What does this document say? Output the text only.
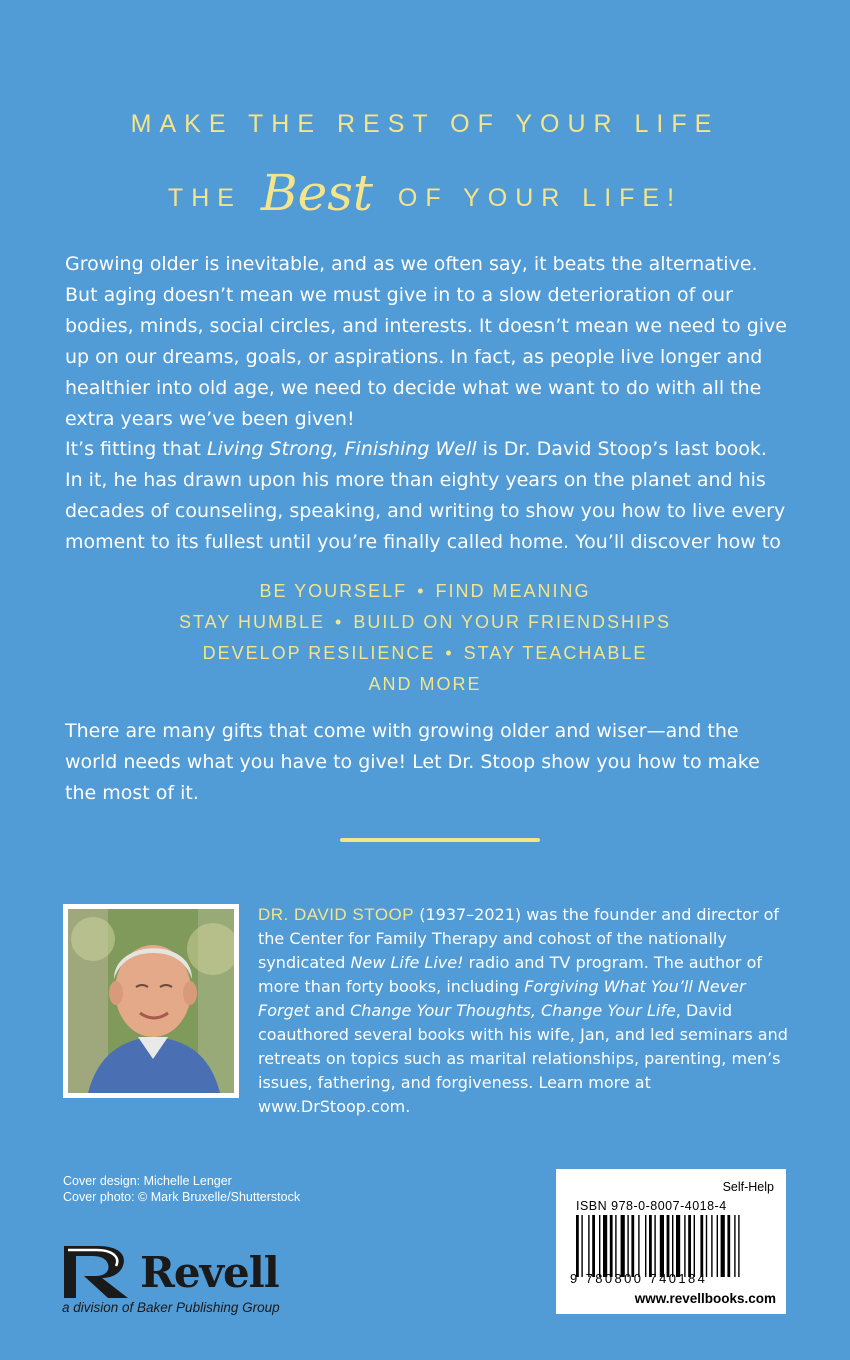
MAKE THE REST OF YOUR LIFE
THE Best OF YOUR LIFE!

Growing older is inevitable, and as we often say, it beats the alternative. But aging doesn’t mean we must give in to a slow deterioration of our bodies, minds, social circles, and interests. It doesn’t mean we need to give up on our dreams, goals, or aspirations. In fact, as people live longer and healthier into old age, we need to decide what we want to do with all the extra years we’ve been given!

It’s fitting that Living Strong, Finishing Well is Dr. David Stoop’s last book. In it, he has drawn upon his more than eighty years on the planet and his decades of counseling, speaking, and writing to show you how to live every moment to its fullest until you’re finally called home. You’ll discover how to

BE YOURSELF • FIND MEANING
STAY HUMBLE • BUILD ON YOUR FRIENDSHIPS
DEVELOP RESILIENCE • STAY TEACHABLE
AND MORE

There are many gifts that come with growing older and wiser—and the world needs what you have to give! Let Dr. Stoop show you how to make the most of it.

DR. DAVID STOOP (1937–2021) was the founder and director of the Center for Family Therapy and cohost of the nationally syndicated New Life Live! radio and TV program. The author of more than forty books, including Forgiving What You’ll Never Forget and Change Your Thoughts, Change Your Life, David coauthored several books with his wife, Jan, and led seminars and retreats on topics such as marital relationships, parenting, men’s issues, fathering, and forgiveness. Learn more at www.DrStoop.com.

Cover design: Michelle Lenger
Cover photo: © Mark Bruxelle/Shutterstock
Revell
a division of Baker Publishing Group
Self-Help
ISBN 978-0-8007-4018-4
9 780800 740184
www.revellbooks.com
